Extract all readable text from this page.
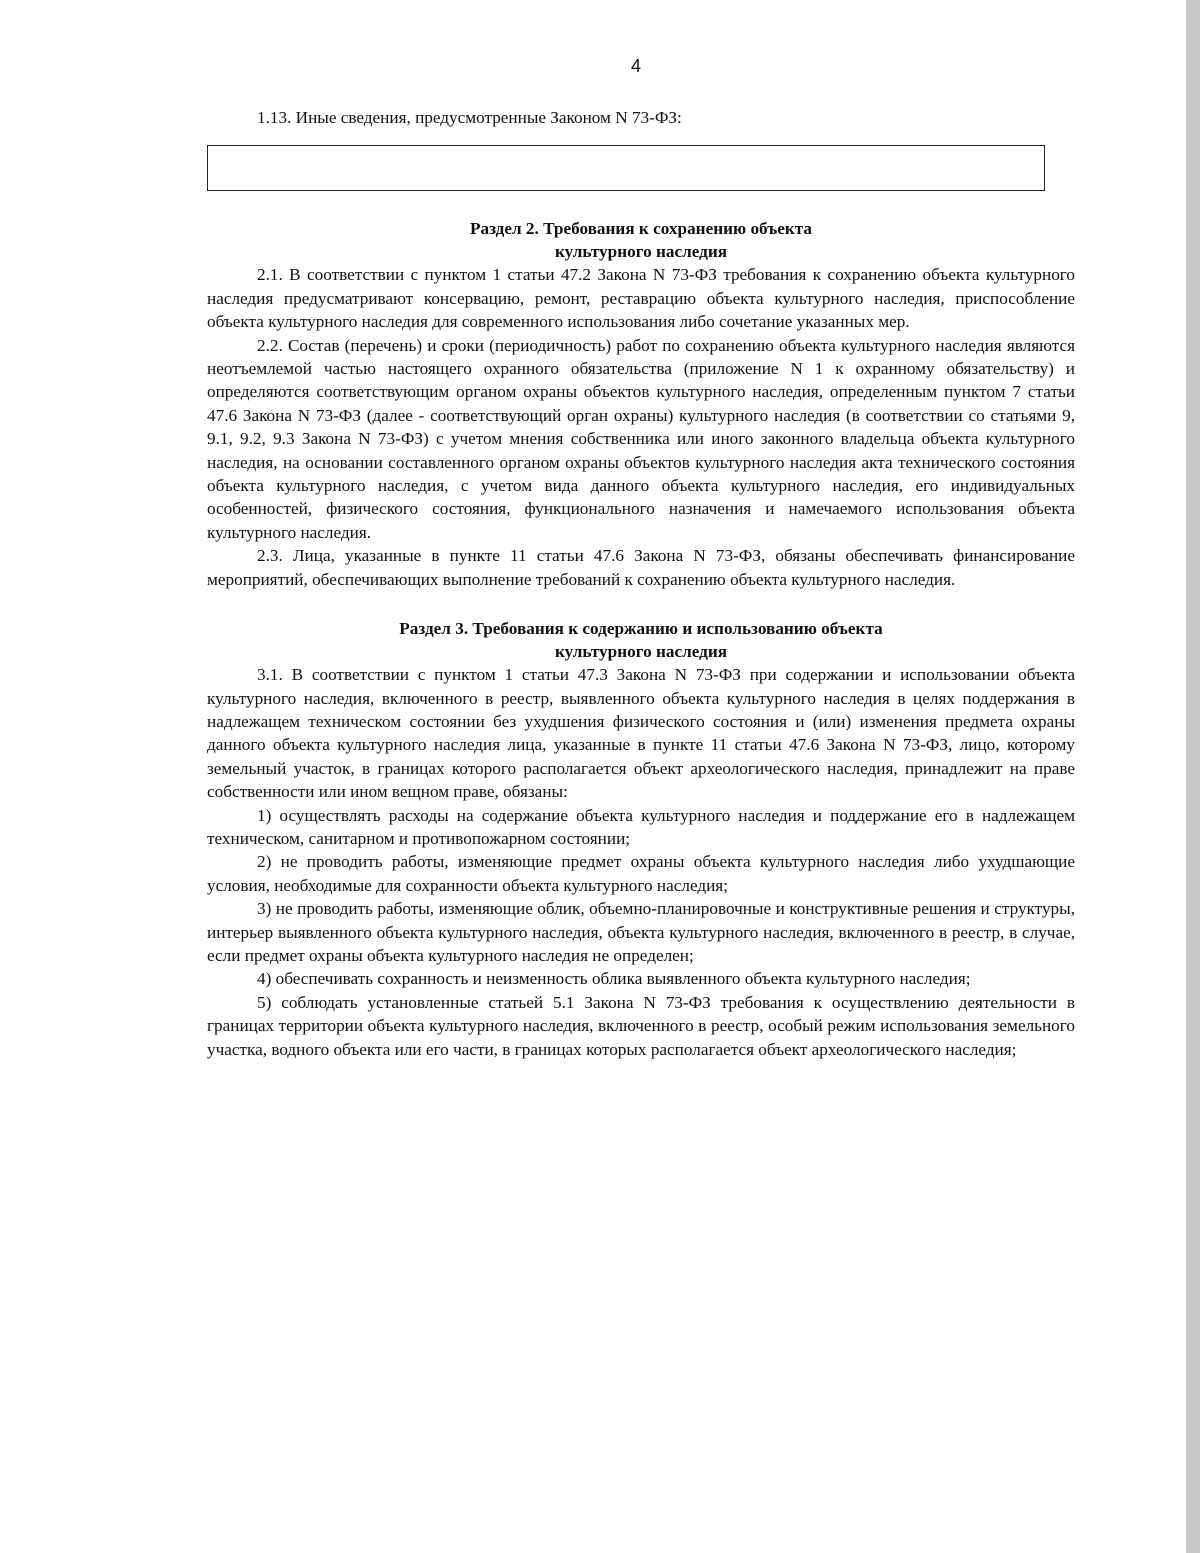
4

1.13. Иные сведения, предусмотренные Законом N 73-ФЗ:

Раздел 2. Требования к сохранению объекта
культурного наследия

2.1. В соответствии с пунктом 1 статьи 47.2 Закона N 73-ФЗ требования к сохранению объекта культурного наследия предусматривают консервацию, ремонт, реставрацию объекта культурного наследия, приспособление объекта культурного наследия для современного использования либо сочетание указанных мер.

2.2. Состав (перечень) и сроки (периодичность) работ по сохранению объекта культурного наследия являются неотъемлемой частью настоящего охранного обязательства (приложение N 1 к охранному обязательству) и определяются соответствующим органом охраны объектов культурного наследия, определенным пунктом 7 статьи 47.6 Закона N 73-ФЗ (далее - соответствующий орган охраны) культурного наследия (в соответствии со статьями 9, 9.1, 9.2, 9.3 Закона N 73-ФЗ) с учетом мнения собственника или иного законного владельца объекта культурного наследия, на основании составленного органом охраны объектов культурного наследия акта технического состояния объекта культурного наследия, с учетом вида данного объекта культурного наследия, его индивидуальных особенностей, физического состояния, функционального назначения и намечаемого использования объекта культурного наследия.

2.3. Лица, указанные в пункте 11 статьи 47.6 Закона N 73-ФЗ, обязаны обеспечивать финансирование мероприятий, обеспечивающих выполнение требований к сохранению объекта культурного наследия.

Раздел 3. Требования к содержанию и использованию объекта
культурного наследия

3.1. В соответствии с пунктом 1 статьи 47.3 Закона N 73-ФЗ при содержании и использовании объекта культурного наследия, включенного в реестр, выявленного объекта культурного наследия в целях поддержания в надлежащем техническом состоянии без ухудшения физического состояния и (или) изменения предмета охраны данного объекта культурного наследия лица, указанные в пункте 11 статьи 47.6 Закона N 73-ФЗ, лицо, которому земельный участок, в границах которого располагается объект археологического наследия, принадлежит на праве собственности или ином вещном праве, обязаны:

1) осуществлять расходы на содержание объекта культурного наследия и поддержание его в надлежащем техническом, санитарном и противопожарном состоянии;

2) не проводить работы, изменяющие предмет охраны объекта культурного наследия либо ухудшающие условия, необходимые для сохранности объекта культурного наследия;

3) не проводить работы, изменяющие облик, объемно-планировочные и конструктивные решения и структуры, интерьер выявленного объекта культурного наследия, объекта культурного наследия, включенного в реестр, в случае, если предмет охраны объекта культурного наследия не определен;

4) обеспечивать сохранность и неизменность облика выявленного объекта культурного наследия;

5) соблюдать установленные статьей 5.1 Закона N 73-ФЗ требования к осуществлению деятельности в границах территории объекта культурного наследия, включенного в реестр, особый режим использования земельного участка, водного объекта или его части, в границах которых располагается объект археологического наследия;
